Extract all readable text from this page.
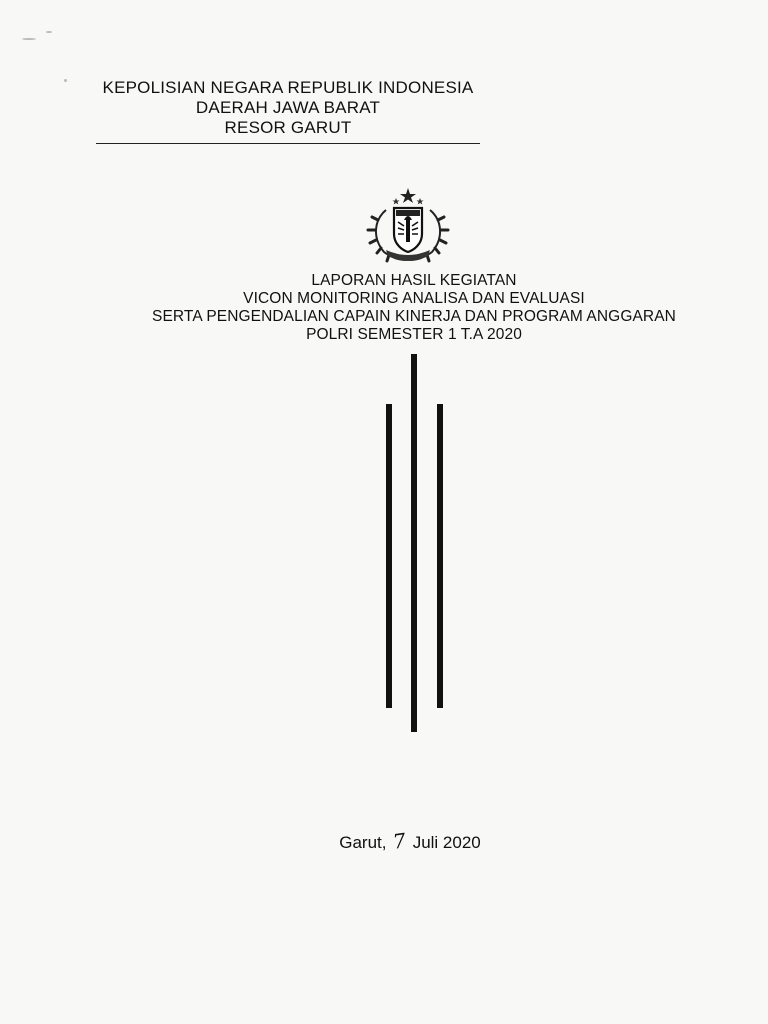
KEPOLISIAN NEGARA REPUBLIK INDONESIA
DAERAH JAWA BARAT
RESOR GARUT
LAPORAN HASIL KEGIATAN
VICON MONITORING ANALISA DAN EVALUASI
SERTA PENGENDALIAN CAPAIN KINERJA DAN PROGRAM ANGGARAN
POLRI SEMESTER 1 T.A 2020
Garut, 7 Juli 2020
